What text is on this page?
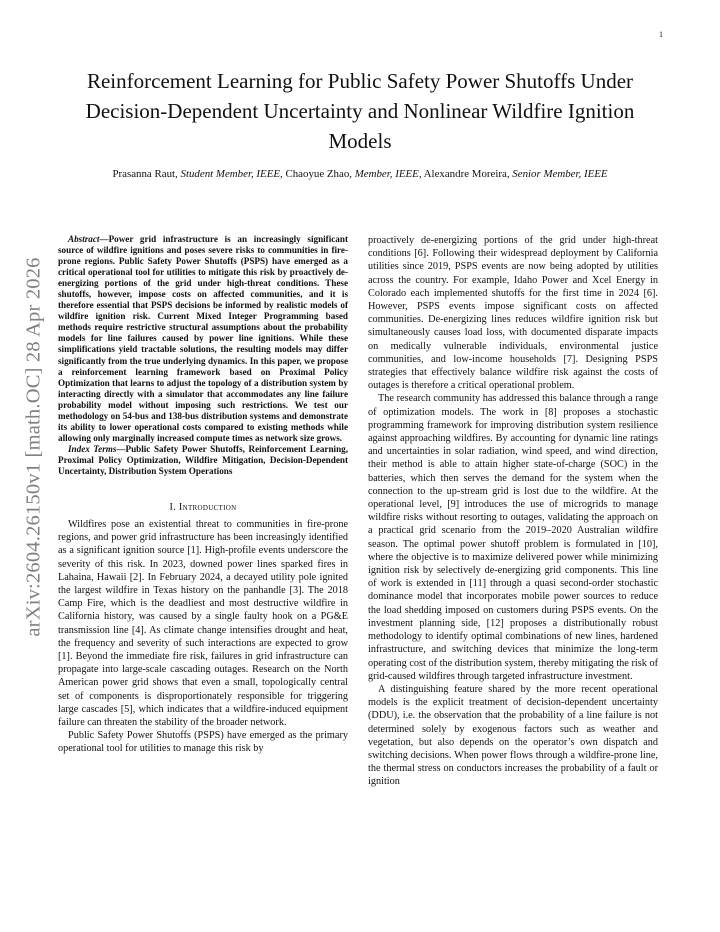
1
arXiv:2604.26150v1 [math.OC] 28 Apr 2026
Reinforcement Learning for Public Safety Power Shutoffs Under
Decision-Dependent Uncertainty and Nonlinear Wildfire Ignition
Models
Prasanna Raut, Student Member, IEEE, Chaoyue Zhao, Member, IEEE, Alexandre Moreira, Senior Member, IEEE

Abstract—Power grid infrastructure is an increasingly significant source of wildfire ignitions and poses severe risks to communities in fire-prone regions. Public Safety Power Shutoffs (PSPS) have emerged as a critical operational tool for utilities to mitigate this risk by proactively de-energizing portions of the grid under high-threat conditions. These shutoffs, however, impose costs on affected communities, and it is therefore essential that PSPS decisions be informed by realistic models of wildfire ignition risk. Current Mixed Integer Programming based methods require restrictive structural assumptions about the probability models for line failures caused by power line ignitions. While these simplifications yield tractable solutions, the resulting models may differ significantly from the true underlying dynamics. In this paper, we propose a reinforcement learning framework based on Proximal Policy Optimization that learns to adjust the topology of a distribution system by interacting directly with a simulator that accommodates any line failure probability model without imposing such restrictions. We test our methodology on 54-bus and 138-bus distribution systems and demonstrate its ability to lower operational costs compared to existing methods while allowing only marginally increased compute times as network size grows.

Index Terms—Public Safety Power Shutoffs, Reinforcement Learning, Proximal Policy Optimization, Wildfire Mitigation, Decision-Dependent Uncertainty, Distribution System Operations

I. Introduction

Wildfires pose an existential threat to communities in fire-prone regions, and power grid infrastructure has been increasingly identified as a significant ignition source [1]. High-profile events underscore the severity of this risk. In 2023, downed power lines sparked fires in Lahaina, Hawaii [2]. In February 2024, a decayed utility pole ignited the largest wildfire in Texas history on the panhandle [3]. The 2018 Camp Fire, which is the deadliest and most destructive wildfire in California history, was caused by a single faulty hook on a PG&E transmission line [4]. As climate change intensifies drought and heat, the frequency and severity of such interactions are expected to grow [1]. Beyond the immediate fire risk, failures in grid infrastructure can propagate into large-scale cascading outages. Research on the North American power grid shows that even a small, topologically central set of components is disproportionately responsible for triggering large cascades [5], which indicates that a wildfire-induced equipment failure can threaten the stability of the broader network.

Public Safety Power Shutoffs (PSPS) have emerged as the primary operational tool for utilities to manage this risk by

proactively de-energizing portions of the grid under high-threat conditions [6]. Following their widespread deployment by California utilities since 2019, PSPS events are now being adopted by utilities across the country. For example, Idaho Power and Xcel Energy in Colorado each implemented shutoffs for the first time in 2024 [6]. However, PSPS events impose significant costs on affected communities. De-energizing lines reduces wildfire ignition risk but simultaneously causes load loss, with documented disparate impacts on medically vulnerable individuals, environmental justice communities, and low-income households [7]. Designing PSPS strategies that effectively balance wildfire risk against the costs of outages is therefore a critical operational problem.

The research community has addressed this balance through a range of optimization models. The work in [8] proposes a stochastic programming framework for improving distribution system resilience against approaching wildfires. By accounting for dynamic line ratings and uncertainties in solar radiation, wind speed, and wind direction, their method is able to attain higher state-of-charge (SOC) in the batteries, which then serves the demand for the system when the connection to the up-stream grid is lost due to the wildfire. At the operational level, [9] introduces the use of microgrids to manage wildfire risks without resorting to outages, validating the approach on a practical grid scenario from the 2019–2020 Australian wildfire season. The optimal power shutoff problem is formulated in [10], where the objective is to maximize delivered power while minimizing ignition risk by selectively de-energizing grid components. This line of work is extended in [11] through a quasi second-order stochastic dominance model that incorporates mobile power sources to reduce the load shedding imposed on customers during PSPS events. On the investment planning side, [12] proposes a distributionally robust methodology to identify optimal combinations of new lines, hardened infrastructure, and switching devices that minimize the long-term operating cost of the distribution system, thereby mitigating the risk of grid-caused wildfires through targeted infrastructure investment.

A distinguishing feature shared by the more recent operational models is the explicit treatment of decision-dependent uncertainty (DDU), i.e. the observation that the probability of a line failure is not determined solely by exogenous factors such as weather and vegetation, but also depends on the operator’s own dispatch and switching decisions. When power flows through a wildfire-prone line, the thermal stress on conductors increases the probability of a fault or ignition
